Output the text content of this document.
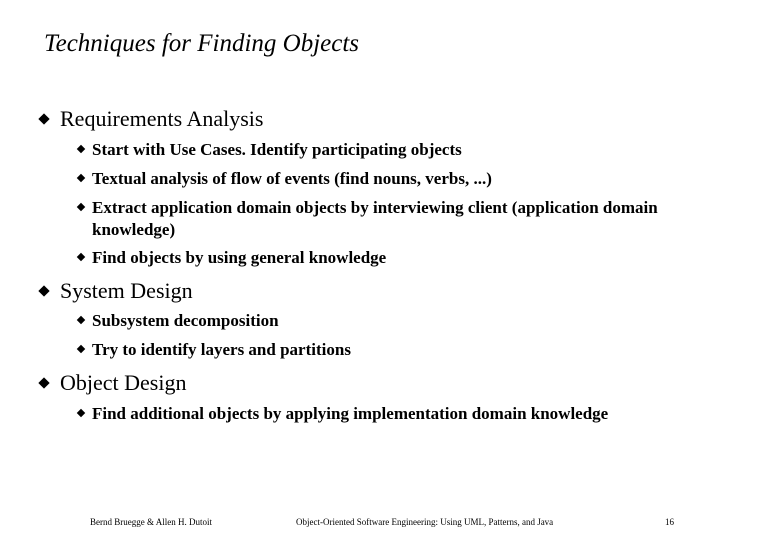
Techniques for Finding Objects
Requirements Analysis
Start with Use Cases. Identify participating objects
Textual analysis of flow of events (find nouns, verbs, ...)
Extract application domain objects by interviewing client (application domain knowledge)
Find objects by using general knowledge
System Design
Subsystem decomposition
Try to identify layers and partitions
Object Design
Find additional objects by applying implementation domain knowledge
Bernd Bruegge & Allen H. Dutoit	Object-Oriented Software Engineering: Using UML, Patterns, and Java	16
